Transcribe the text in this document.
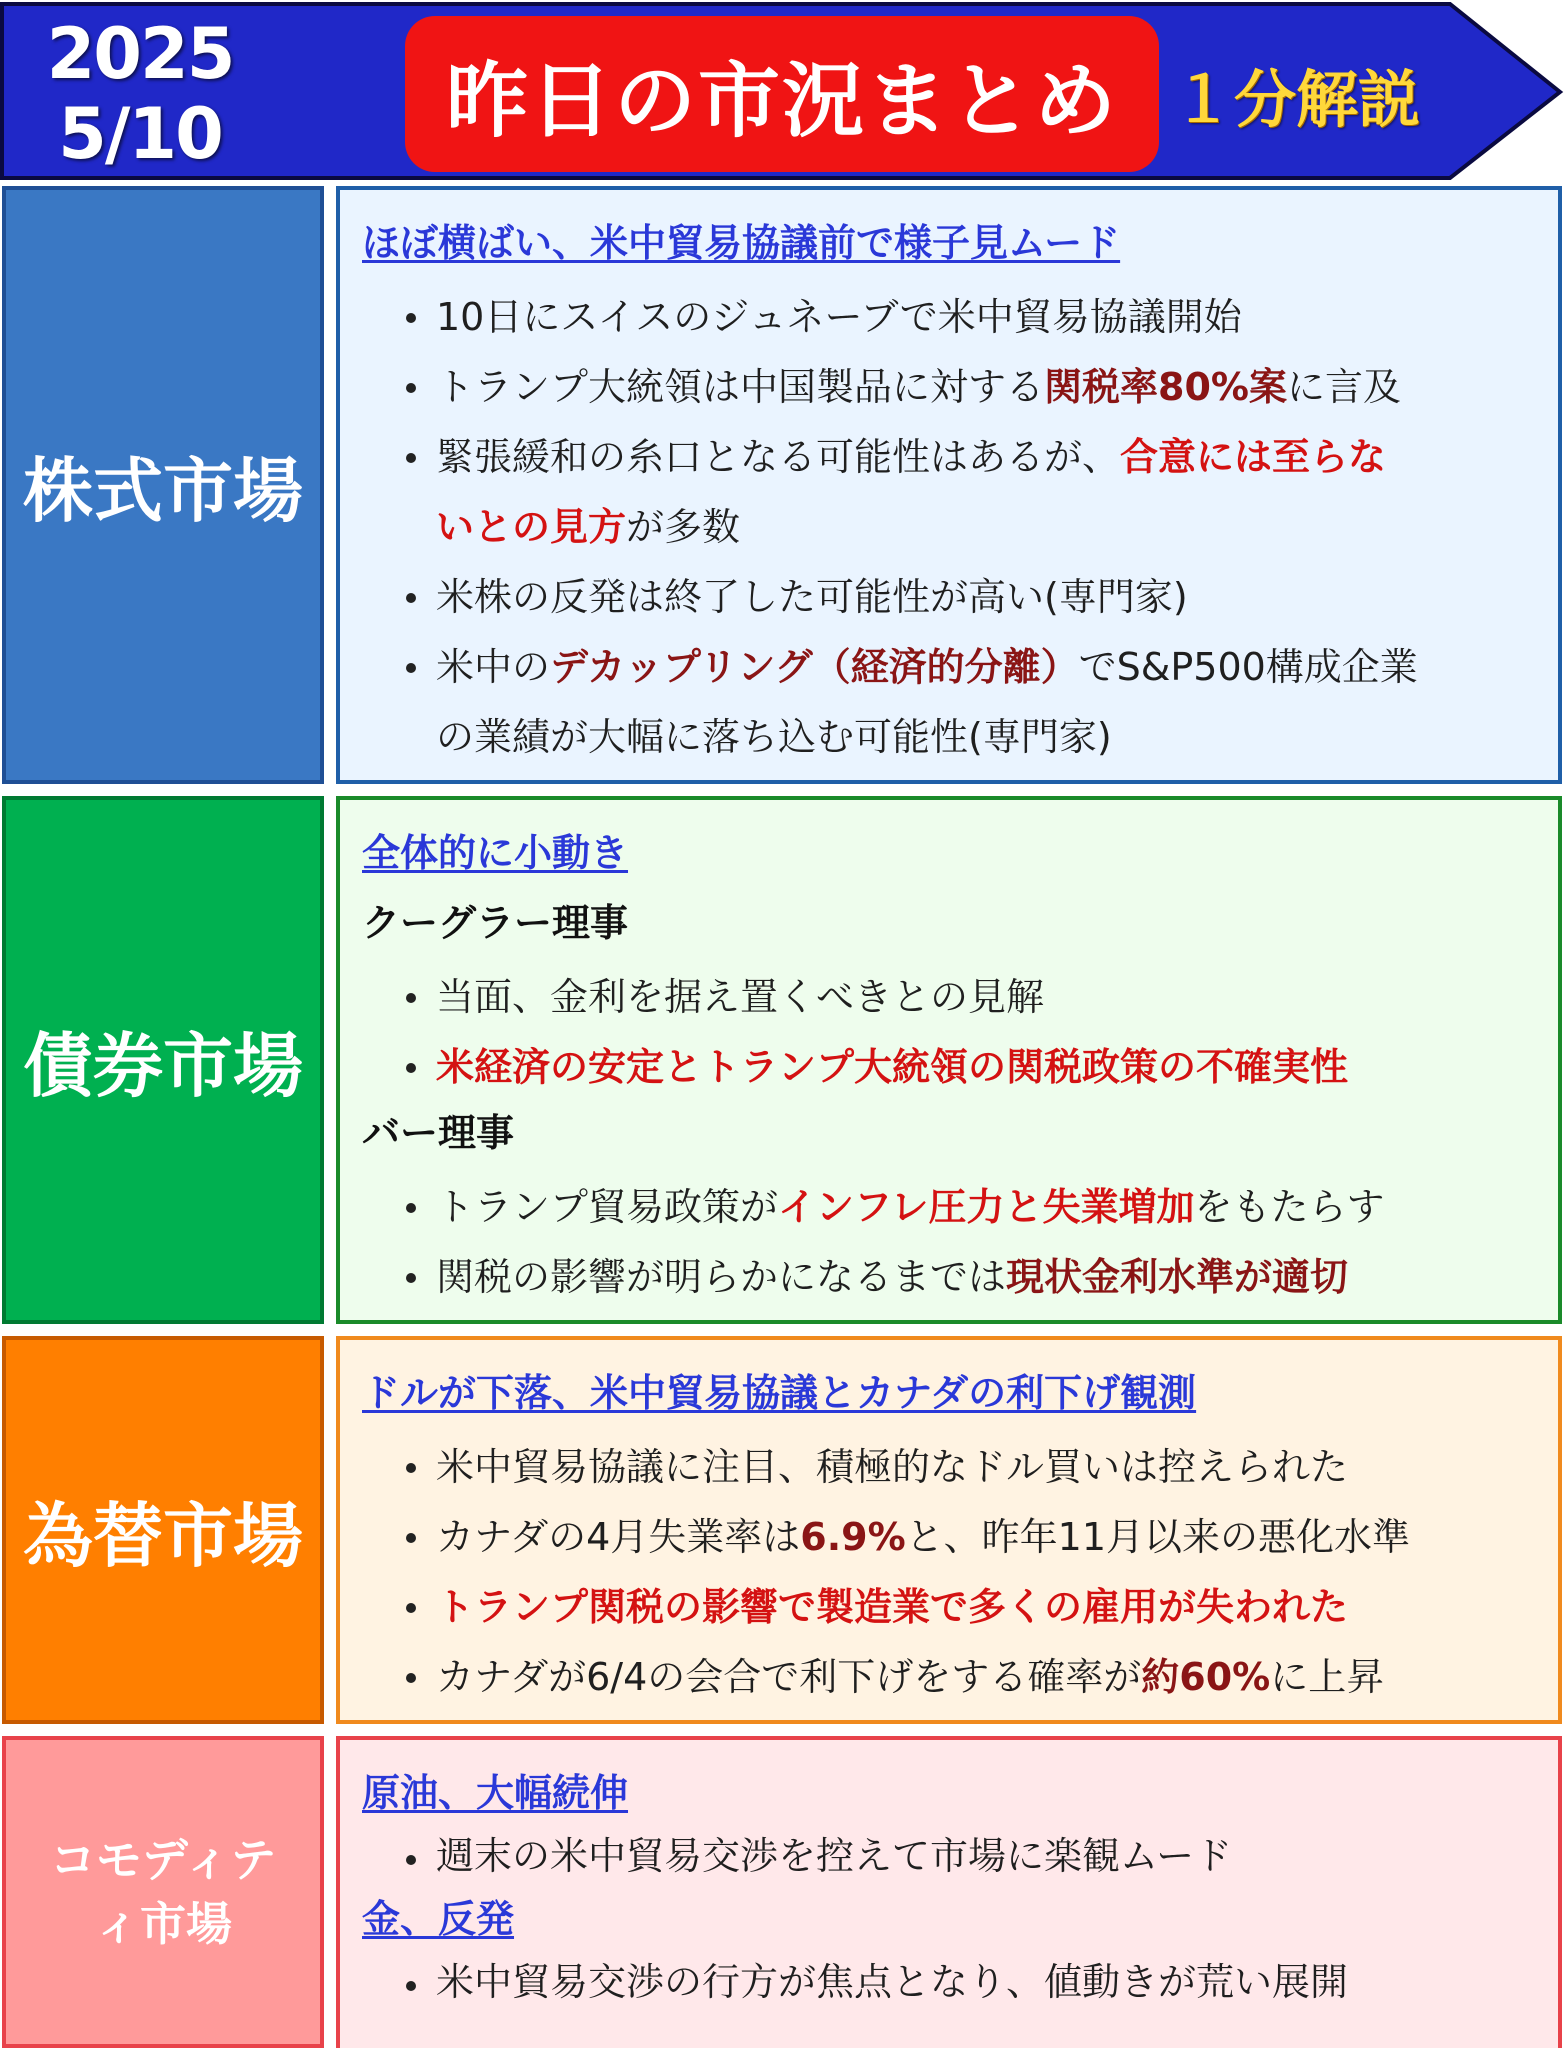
2025
5/10	昨日の市況まとめ １分解説
株式市場
ほぼ横ばい、米中貿易協議前で様子見ムード
10日にスイスのジュネーブで米中貿易協議開始
トランプ大統領は中国製品に対する関税率80%案に言及
緊張緩和の糸口となる可能性はあるが、合意には至らな
いとの見方が多数
米株の反発は終了した可能性が高い(専門家)
米中のデカップリング（経済的分離）でS&P500構成企業
の業績が大幅に落ち込む可能性(専門家)
債券市場
全体的に小動き
クーグラー理事
当面、金利を据え置くべきとの見解
米経済の安定とトランプ大統領の関税政策の不確実性
バー理事
トランプ貿易政策がインフレ圧力と失業増加をもたらす
関税の影響が明らかになるまでは現状金利水準が適切
為替市場
ドルが下落、米中貿易協議とカナダの利下げ観測
米中貿易協議に注目、積極的なドル買いは控えられた
カナダの4月失業率は6.9%と、昨年11月以来の悪化水準
トランプ関税の影響で製造業で多くの雇用が失われた
カナダが6/4の会合で利下げをする確率が約60%に上昇
コモディテ
ィ市場
原油、大幅続伸
週末の米中貿易交渉を控えて市場に楽観ムード
金、反発
米中貿易交渉の行方が焦点となり、値動きが荒い展開
